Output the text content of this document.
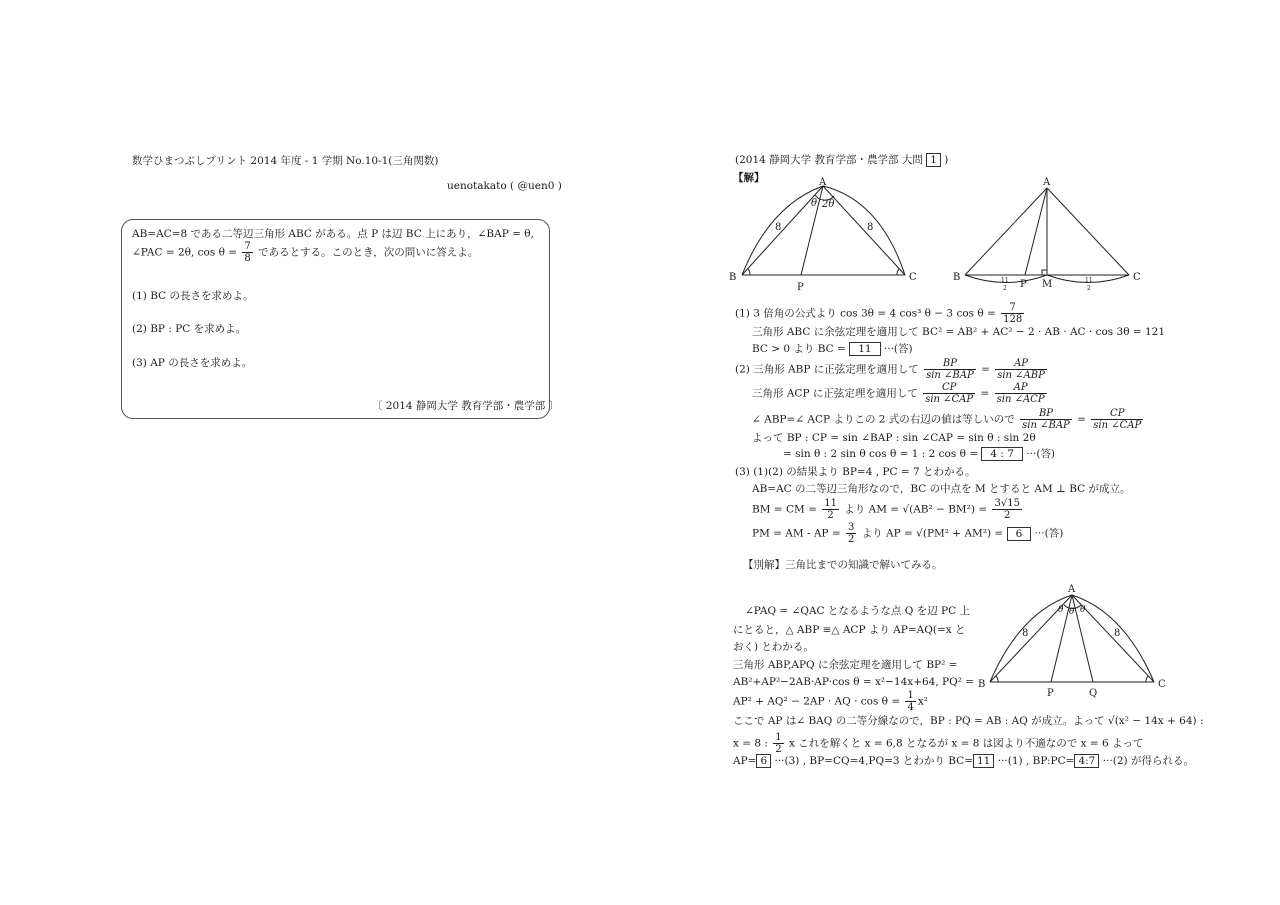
数学ひまつぶしプリント 2014 年度 - 1 学期 No.10-1(三角関数)
uenotakato ( @uen0 )
AB=AC=8 である二等辺三角形 ABC がある。点 P は辺 BC 上にあり，∠BAP = θ,
∠PAC = 2θ, $\cos \theta = \frac{7}{8}$ であるとする。このとき，次の問いに答えよ。
(1) BC の長さを求めよ。
(2) BP : PC を求めよ。
(3) AP の長さを求めよ。
〔 2014 静岡大学 教育学部・農学部 〕
(2014 静岡大学 教育学部・農学部 大問 1 )
【解】	A
B	C
P
8	8
θ 2θ
A
B	C
P M
11
2
11
2
A
B	C
P	Q
8	8
θ θ θ
(1) 3 倍角の公式より cos 3θ = 4 cos³ θ − 3 $\cos \theta = \frac{7}{128}$
三角形 ABC に余弦定理を適用して BC² = AB² + AC² − 2 · AB · AC · cos 3θ = 121
BC > 0 より BC = 11 ···(答)
(2) 三角形 ABP に正弦定理を適用して $\frac{BP}{\text{sin ∠BAP}} = \frac{AP}{\text{sin ∠ABP}}$
三角形 ACP に正弦定理を適用して $\frac{CP}{\text{sin ∠CAP}} = \frac{AP}{\text{sin ∠ACP}}$
∠ ABP=∠ ACP よりこの 2 式の右辺の値は等しいので $\frac{BP}{\text{sin ∠BAP}} = \frac{CP}{\text{sin ∠CAP}}$
よって BP : CP = sin ∠BAP : sin ∠CAP = sin θ : sin 2θ
= sin θ : 2 sin θ cos θ = 1 : 2 cos θ = 4 : 7 ···(答)
(3) (1)(2) の結果より BP=4 , PC = 7 とわかる。
AB=AC の二等辺三角形なので，BC の中点を M とすると AM ⊥ BC が成立。
BM = CM = $\frac{11}{2}$ より AM = $√(AB^2 - BM^2) = \frac{3√15}{2}$
PM = AM - AP = $\frac{3}{2}$ より AP = √(PM² + AM²) = 6 ···(答)
【別解】三角比までの知識で解いてみる。
∠PAQ = ∠QAC となるような点 Q を辺 PC 上
にとると，△ ABP ≡△ ACP より AP=AQ(=x と
おく) とわかる。
三角形 ABP,APQ に余弦定理を適用して BP² =
AB²+AP²−2AB·AP·cos θ = x²−14x+64, PQ² =
AP² + AQ² − 2AP · AQ · $\cos \theta = \frac{1}{4} x^2$
ここで AP は∠ BAQ の二等分線なので，BP : PQ = AB : AQ が成立。よって √(x² − 14x + 64) :
x = 8 : $\frac{1}{2}$ x これを解くと x = 6,8 となるが x = 8 は図より不適なので x = 6 よって
AP= 6 ···(3) , BP=CQ=4,PQ=3 とわかり BC= 11 ···(1) , BP:PC= 4:7 ···(2) が得られる。
